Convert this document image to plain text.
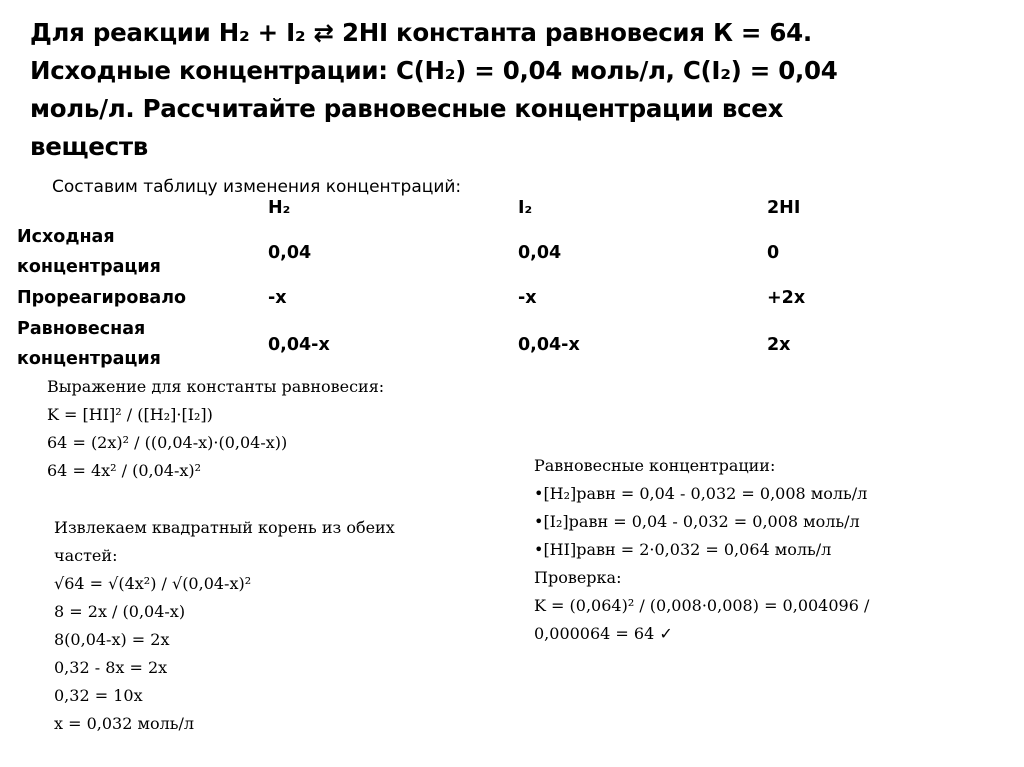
Для реакции H₂ + I₂ ⇄ 2HI константа равновесия К = 64.
Исходные концентрации: C(H₂) = 0,04 моль/л, C(I₂) = 0,04
моль/л. Рассчитайте равновесные концентрации всех
веществ
Составим таблицу изменения концентраций:
H₂	I₂	2HI
Исходная
концентрация
0,04	0,04	0
Прореагировало	-x	-x	+2x
Равновесная
концентрация
0,04-x	0,04-x	2x
Выражение для константы равновесия:
K = [HI]² / ([H₂]·[I₂])
64 = (2x)² / ((0,04-x)·(0,04-x))
64 = 4x² / (0,04-x)²
Извлекаем квадратный корень из обеих
частей:
√64 = √(4x²) / √(0,04-x)²
8 = 2x / (0,04-x)
8(0,04-x) = 2x
0,32 - 8x = 2x
0,32 = 10x
x = 0,032 моль/л
Равновесные концентрации:
•[H₂]равн = 0,04 - 0,032 = 0,008 моль/л
•[I₂]равн = 0,04 - 0,032 = 0,008 моль/л
•[HI]равн = 2·0,032 = 0,064 моль/л
Проверка:
K = (0,064)² / (0,008·0,008) = 0,004096 /
0,000064 = 64 ✓
